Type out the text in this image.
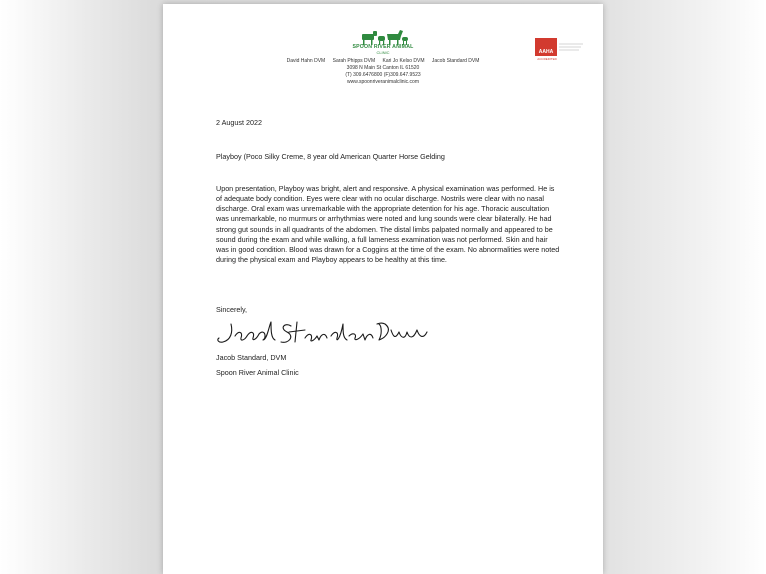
SPOON RIVER ANIMAL
CLINIC
David Hahn DVM Sarah Phipps DVM Kari Jo Kelso DVM Jacob Standard DVM
3098 N Main St Canton IL 61520
(T) 309.6476800 (F)309.647.9523
www.spoonriveranimalclinic.com
AAHA
ACCREDITED
2 August 2022
Playboy (Poco Silky Creme, 8 year old American Quarter Horse Gelding
Upon presentation, Playboy was bright, alert and responsive. A physical examination was performed. He is of adequate body condition. Eyes were clear with no ocular discharge. Nostrils were clear with no nasal discharge. Oral exam was unremarkable with the appropriate detention for his age. Thoracic auscultation was unremarkable, no murmurs or arrhythmias were noted and lung sounds were clear bilaterally. He had strong gut sounds in all quadrants of the abdomen. The distal limbs palpated normally and appeared to be sound during the exam and while walking, a full lameness examination was not performed. Skin and hair was in good condition. Blood was drawn for a Coggins at the time of the exam. No abnormalities were noted during the physical exam and Playboy appears to be healthy at this time.
Sincerely,
Jacob Standard, DVM
Spoon River Animal Clinic
